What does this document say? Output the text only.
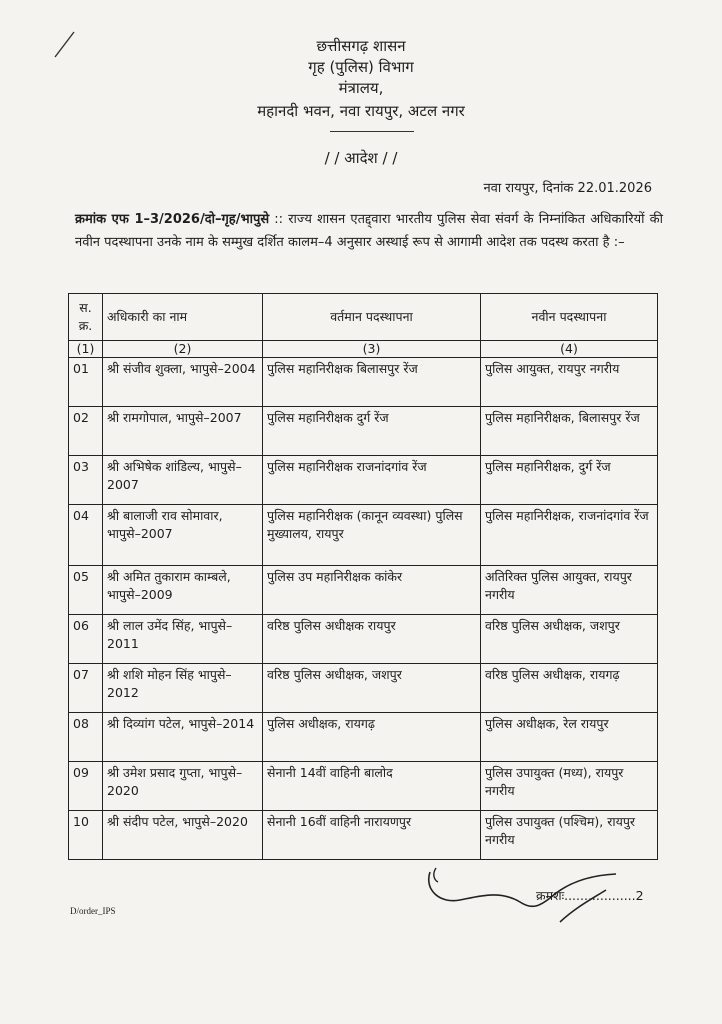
छत्तीसगढ़ शासन
गृह (पुलिस) विभाग
मंत्रालय,
महानदी भवन, नवा रायपुर, अटल नगर
/ / आदेश / /
नवा रायपुर, दिनांक 22.01.2026
क्रमांक एफ 1–3/2026/दो–गृह/भापुसे :: राज्य शासन एतद्द्वारा भारतीय पुलिस सेवा संवर्ग के निम्नांकित अधिकारियों की नवीन पदस्थापना उनके नाम के सम्मुख दर्शित कालम–4 अनुसार अस्थाई रूप से आगामी आदेश तक पदस्थ करता है :–
स. क्र.	अधिकारी का नाम	वर्तमान पदस्थापना	नवीन पदस्थापना
(1)	(2)	(3)	(4)
01	श्री संजीव शुक्ला, भापुसे–2004	पुलिस महानिरीक्षक बिलासपुर रेंज	पुलिस आयुक्त, रायपुर नगरीय
02	श्री रामगोपाल, भापुसे–2007	पुलिस महानिरीक्षक दुर्ग रेंज	पुलिस महानिरीक्षक, बिलासपुर रेंज
03	श्री अभिषेक शांडिल्य, भापुसे–2007	पुलिस महानिरीक्षक राजनांदगांव रेंज	पुलिस महानिरीक्षक, दुर्ग रेंज
04	श्री बालाजी राव सोमावार, भापुसे–2007	पुलिस महानिरीक्षक (कानून व्यवस्था) पुलिस मुख्यालय, रायपुर	पुलिस महानिरीक्षक, राजनांदगांव रेंज
05	श्री अमित तुकाराम काम्बले, भापुसे–2009	पुलिस उप महानिरीक्षक कांकेर	अतिरिक्त पुलिस आयुक्त, रायपुर नगरीय
06	श्री लाल उमेंद सिंह, भापुसे–2011	वरिष्ठ पुलिस अधीक्षक रायपुर	वरिष्ठ पुलिस अधीक्षक, जशपुर
07	श्री शशि मोहन सिंह भापुसे– 2012	वरिष्ठ पुलिस अधीक्षक, जशपुर	वरिष्ठ पुलिस अधीक्षक, रायगढ़
08	श्री दिव्यांग पटेल, भापुसे–2014	पुलिस अधीक्षक, रायगढ़	पुलिस अधीक्षक, रेल रायपुर
09	श्री उमेश प्रसाद गुप्ता, भापुसे–2020	सेनानी 14वीं वाहिनी बालोद	पुलिस उपायुक्त (मध्य), रायपुर नगरीय
10	श्री संदीप पटेल, भापुसे–2020	सेनानी 16वीं वाहिनी नारायणपुर	पुलिस उपायुक्त (पश्चिम), रायपुर नगरीय
क्रमशः..................2
D/order_IPS
